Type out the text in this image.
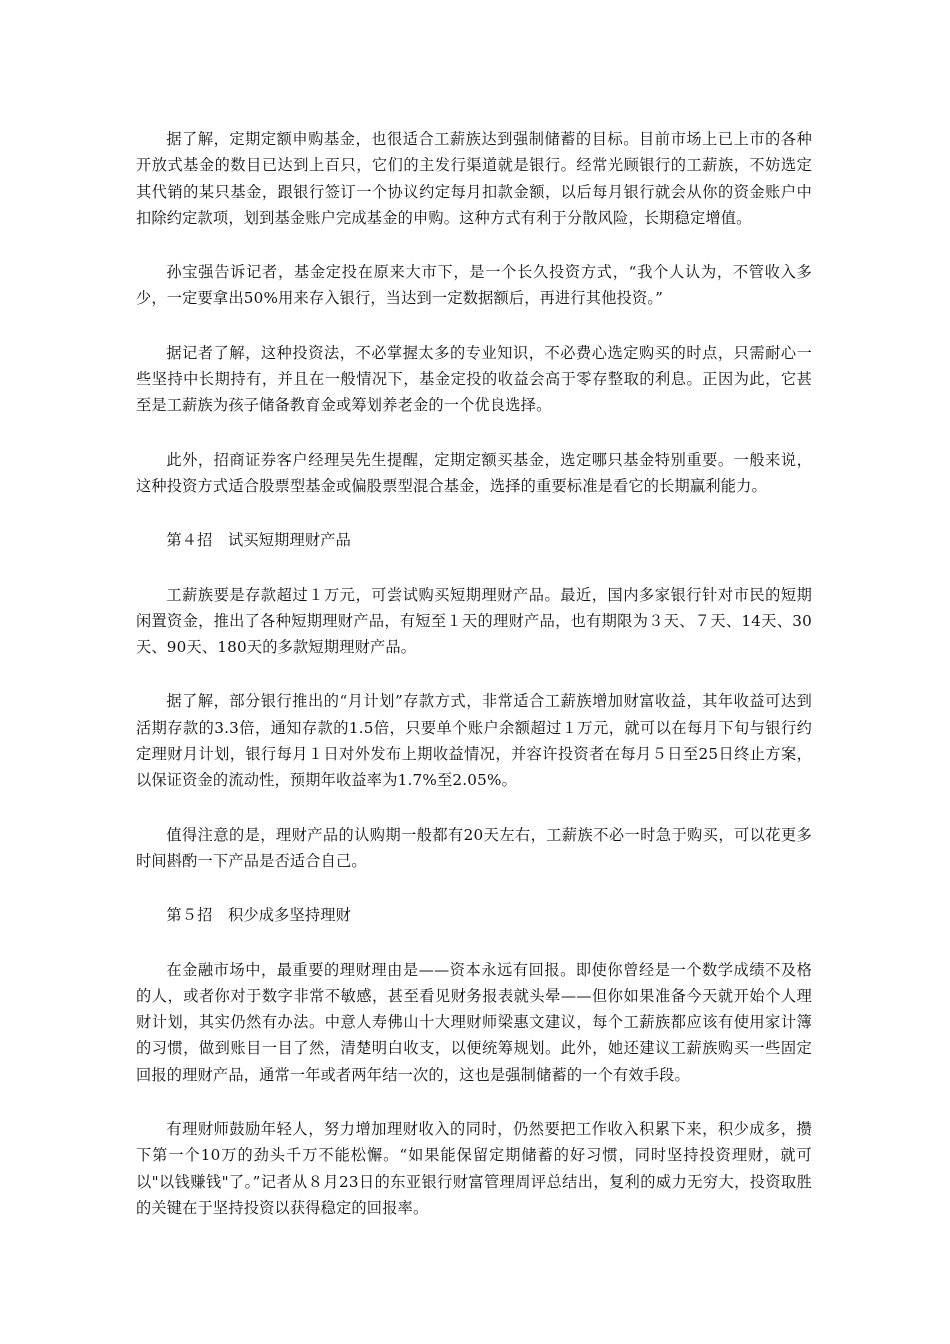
据了解，定期定额申购基金，也很适合工薪族达到强制储蓄的目标。目前市场上已上市的各种开放式基金的数目已达到上百只，它们的主发行渠道就是银行。经常光顾银行的工薪族，不妨选定其代销的某只基金，跟银行签订一个协议约定每月扣款金额，以后每月银行就会从你的资金账户中扣除约定款项，划到基金账户完成基金的申购。这种方式有利于分散风险，长期稳定增值。

孙宝强告诉记者，基金定投在原来大市下，是一个长久投资方式，“我个人认为，不管收入多少，一定要拿出50%用来存入银行，当达到一定数据额后，再进行其他投资。”

据记者了解，这种投资法，不必掌握太多的专业知识，不必费心选定购买的时点，只需耐心一些坚持中长期持有，并且在一般情况下，基金定投的收益会高于零存整取的利息。正因为此，它甚至是工薪族为孩子储备教育金或筹划养老金的一个优良选择。

此外，招商证券客户经理吴先生提醒，定期定额买基金，选定哪只基金特别重要。一般来说，这种投资方式适合股票型基金或偏股票型混合基金，选择的重要标准是看它的长期赢利能力。

第４招　试买短期理财产品

工薪族要是存款超过１万元，可尝试购买短期理财产品。最近，国内多家银行针对市民的短期闲置资金，推出了各种短期理财产品，有短至１天的理财产品，也有期限为３天、７天、14天、30天、90天、180天的多款短期理财产品。

据了解，部分银行推出的“月计划”存款方式，非常适合工薪族增加财富收益，其年收益可达到活期存款的3.3倍，通知存款的1.5倍，只要单个账户余额超过１万元，就可以在每月下旬与银行约定理财月计划，银行每月１日对外发布上期收益情况，并容许投资者在每月５日至25日终止方案，以保证资金的流动性，预期年收益率为1.7%至2.05%。

值得注意的是，理财产品的认购期一般都有20天左右，工薪族不必一时急于购买，可以花更多时间斟酌一下产品是否适合自己。

第５招　积少成多坚持理财

在金融市场中，最重要的理财理由是——资本永远有回报。即使你曾经是一个数学成绩不及格的人，或者你对于数字非常不敏感，甚至看见财务报表就头晕——但你如果准备今天就开始个人理财计划，其实仍然有办法。中意人寿佛山十大理财师梁惠文建议，每个工薪族都应该有使用家计簿的习惯，做到账目一目了然，清楚明白收支，以便统筹规划。此外，她还建议工薪族购买一些固定回报的理财产品，通常一年或者两年结一次的，这也是强制储蓄的一个有效手段。

有理财师鼓励年轻人，努力增加理财收入的同时，仍然要把工作收入积累下来，积少成多，攒下第一个10万的劲头千万不能松懈。“如果能保留定期储蓄的好习惯，同时坚持投资理财，就可以"以钱赚钱"了。”记者从８月23日的东亚银行财富管理周评总结出，复利的威力无穷大，投资取胜的关键在于坚持投资以获得稳定的回报率。
